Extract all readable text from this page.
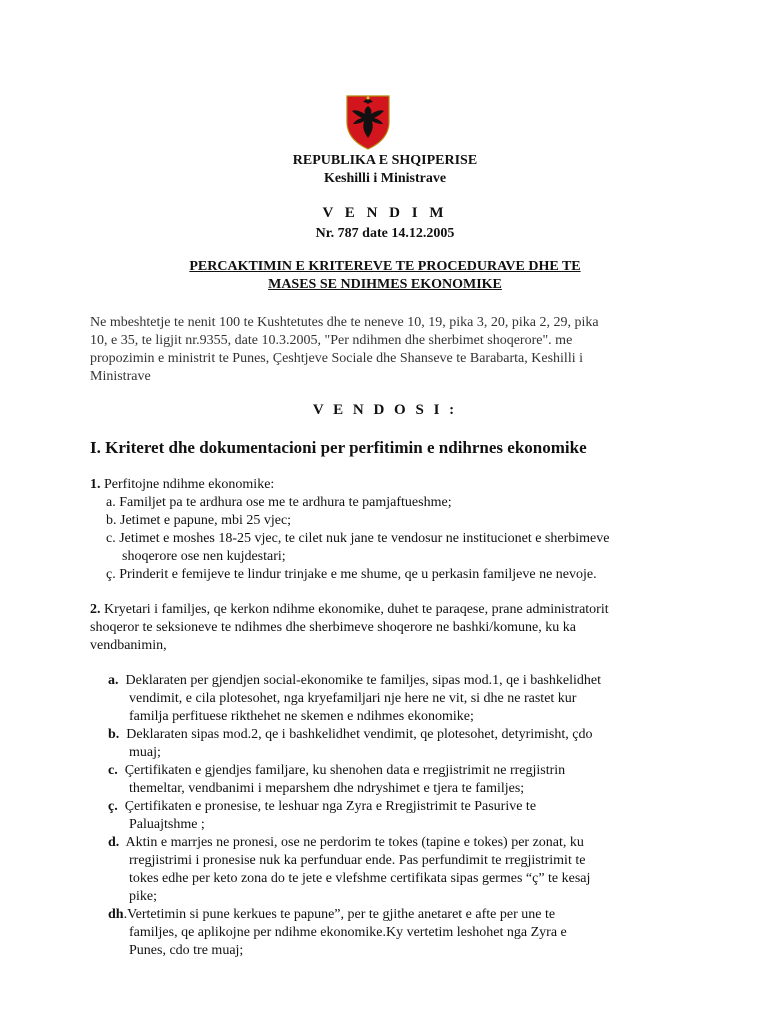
REPUBLIKA E SHQIPERISE
Keshilli i Ministrave
V E N D I M
Nr. 787 date 14.12.2005
PERCAKTIMIN E KRITEREVE TE PROCEDURAVE DHE TE
MASES SE NDIHMES EKONOMIKE
Ne mbeshtetje te nenit 100 te Kushtetutes dhe te neneve 10, 19, pika 3, 20, pika 2, 29, pika
10, e 35, te ligjit nr.9355, date 10.3.2005, "Per ndihmen dhe sherbimet shoqerore". me
propozimin e ministrit te Punes, Çeshtjeve Sociale dhe Shanseve te Barabarta, Keshilli i
Ministrave
V E N D O S I :
I. Kriteret dhe dokumentacioni per perfitimin e ndihrnes ekonomike
1. Perfitojne ndihme ekonomike:
a. Familjet pa te ardhura ose me te ardhura te pamjaftueshme;
b. Jetimet e papune, mbi 25 vjec;
c. Jetimet e moshes 18-25 vjec, te cilet nuk jane te vendosur ne institucionet e sherbimeve
shoqerore ose nen kujdestari;
ç. Prinderit e femijeve te lindur trinjake e me shume, qe u perkasin familjeve ne nevoje.
2. Kryetari i familjes, qe kerkon ndihme ekonomike, duhet te paraqese, prane administratorit
shoqeror te seksioneve te ndihmes dhe sherbimeve shoqerore ne bashki/komune, ku ka
vendbanimin,
a. Deklaraten per gjendjen social-ekonomike te familjes, sipas mod.1, qe i bashkelidhet
vendimit, e cila plotesohet, nga kryefamiljari nje here ne vit, si dhe ne rastet kur
familja perfituese rikthehet ne skemen e ndihmes ekonomike;
b. Deklaraten sipas mod.2, qe i bashkelidhet vendimit, qe plotesohet, detyrimisht, çdo
muaj;
c. Çertifikaten e gjendjes familjare, ku shenohen data e rregjistrimit ne rregjistrin
themeltar, vendbanimi i meparshem dhe ndryshimet e tjera te familjes;
ç. Çertifikaten e pronesise, te leshuar nga Zyra e Rregjistrimit te Pasurive te
Paluajtshme ;
d. Aktin e marrjes ne pronesi, ose ne perdorim te tokes (tapine e tokes) per zonat, ku
rregjistrimi i pronesise nuk ka perfunduar ende. Pas perfundimit te rregjistrimit te
tokes edhe per keto zona do te jete e vlefshme certifikata sipas germes “ç” te kesaj
pike;
dh.Vertetimin si pune kerkues te papune”, per te gjithe anetaret e afte per une te
familjes, qe aplikojne per ndihme ekonomike.Ky vertetim leshohet nga Zyra e
Punes, cdo tre muaj;
